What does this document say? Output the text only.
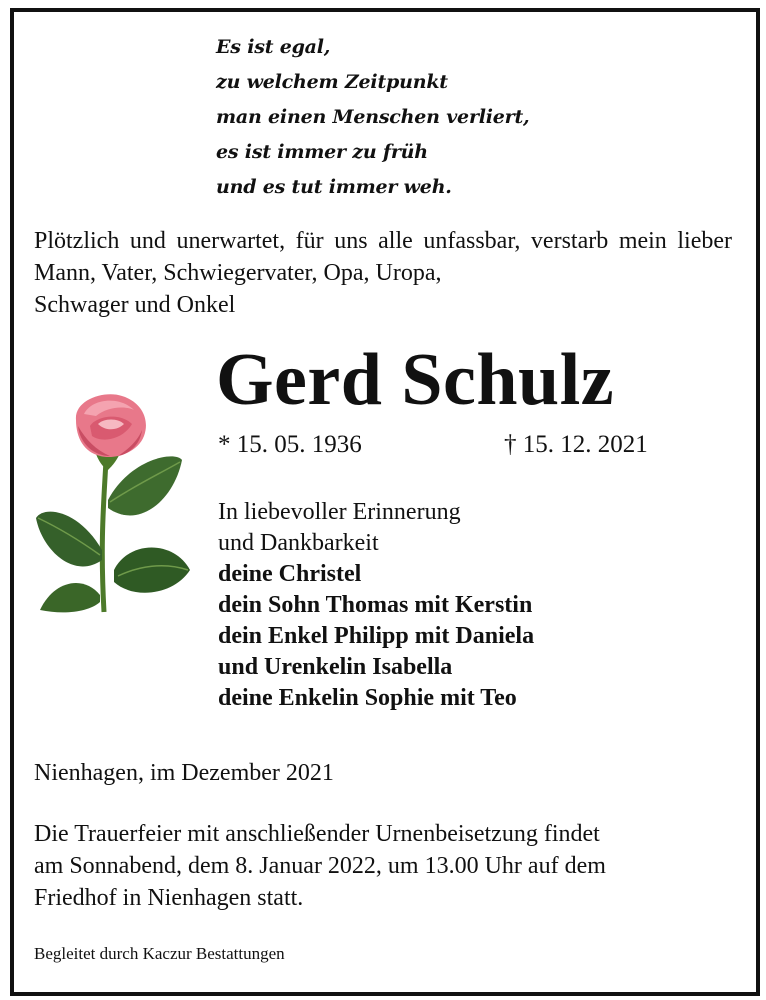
Es ist egal,
zu welchem Zeitpunkt
man einen Menschen verliert,
es ist immer zu früh
und es tut immer weh.
Plötzlich und unerwartet, für uns alle unfassbar, verstarb mein lieber Mann, Vater, Schwiegervater, Opa, Uropa,
Schwager und Onkel
Gerd Schulz
* 15. 05. 1936	† 15. 12. 2021
In liebevoller Erinnerung
und Dankbarkeit
deine Christel
dein Sohn Thomas mit Kerstin
dein Enkel Philipp mit Daniela
und Urenkelin Isabella
deine Enkelin Sophie mit Teo
Nienhagen, im Dezember 2021
Die Trauerfeier mit anschließender Urnenbeisetzung findet
am Sonnabend, dem 8. Januar 2022, um 13.00 Uhr auf dem
Friedhof in Nienhagen statt.
Begleitet durch Kaczur Bestattungen
